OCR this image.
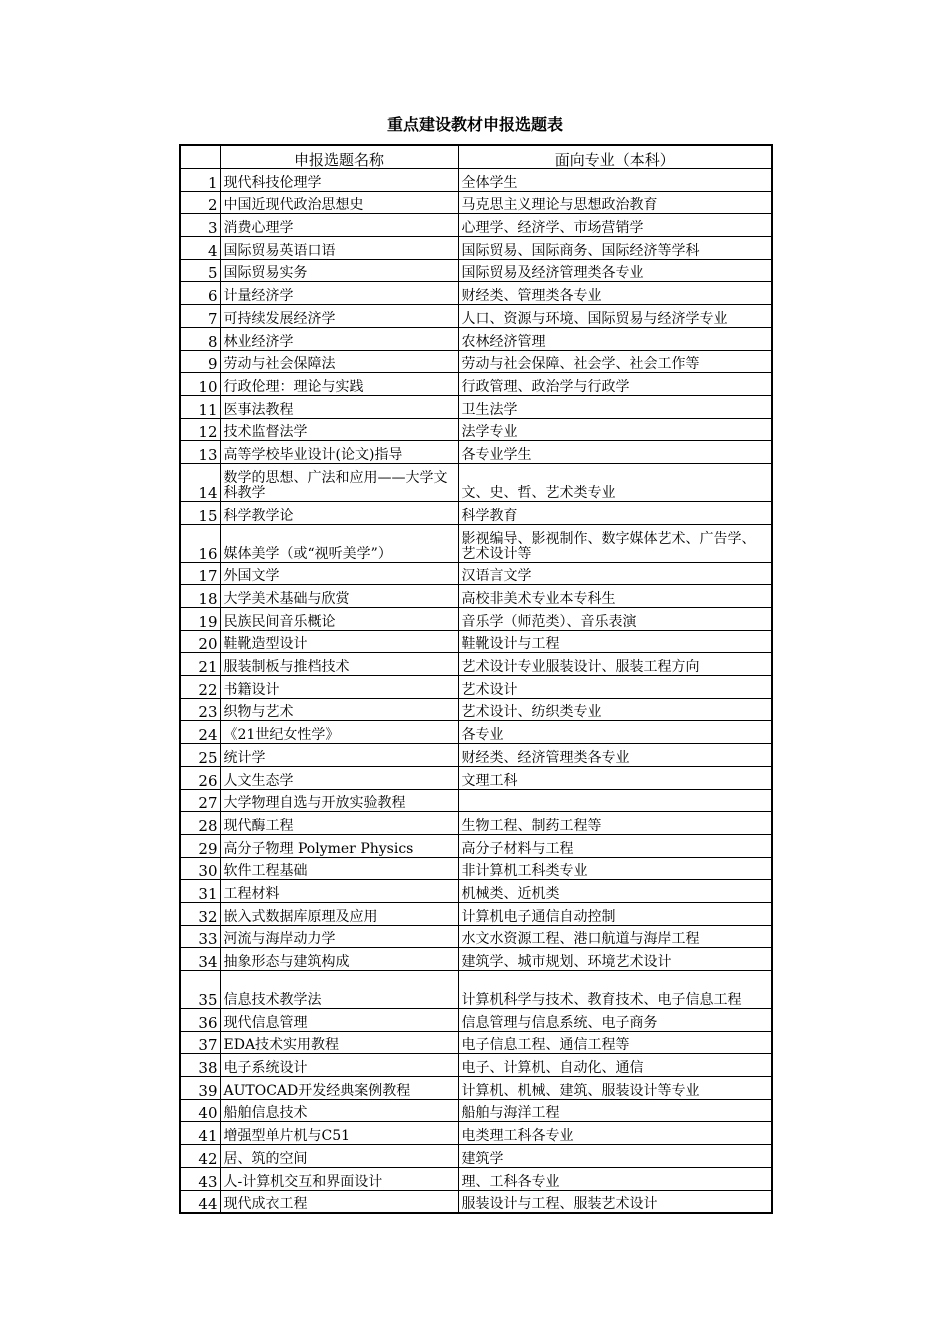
重点建设教材申报选题表
	申报选题名称	面向专业（本科）
1	现代科技伦理学	全体学生
2	中国近现代政治思想史	马克思主义理论与思想政治教育
3	消费心理学	心理学、经济学、市场营销学
4	国际贸易英语口语	国际贸易、国际商务、国际经济等学科
5	国际贸易实务	国际贸易及经济管理类各专业
6	计量经济学	财经类、管理类各专业
7	可持续发展经济学	人口、资源与环境、国际贸易与经济学专业
8	林业经济学	农林经济管理
9	劳动与社会保障法	劳动与社会保障、社会学、社会工作等
10	行政伦理：理论与实践	行政管理、政治学与行政学
11	医事法教程	卫生法学
12	技术监督法学	法学专业
13	高等学校毕业设计(论文)指导	各专业学生
14	数学的思想、广法和应用——大学文科教学	文、史、哲、艺术类专业
15	科学教学论	科学教育
16	媒体美学（或“视听美学”）	影视编导、影视制作、数字媒体艺术、广告学、艺术设计等
17	外国文学	汉语言文学
18	大学美术基础与欣赏	高校非美术专业本专科生
19	民族民间音乐概论	音乐学（师范类）、音乐表演
20	鞋靴造型设计	鞋靴设计与工程
21	服装制板与推档技术	艺术设计专业服装设计、服装工程方向
22	书籍设计	艺术设计
23	织物与艺术	艺术设计、纺织类专业
24	《21世纪女性学》	各专业
25	统计学	财经类、经济管理类各专业
26	人文生态学	文理工科
27	大学物理自选与开放实验教程	
28	现代酶工程	生物工程、制药工程等
29	高分子物理 Polymer Physics	高分子材料与工程
30	软件工程基础	非计算机工科类专业
31	工程材料	机械类、近机类
32	嵌入式数据库原理及应用	计算机电子通信自动控制
33	河流与海岸动力学	水文水资源工程、港口航道与海岸工程
34	抽象形态与建筑构成	建筑学、城市规划、环境艺术设计
35	信息技术教学法	计算机科学与技术、教育技术、电子信息工程
36	现代信息管理	信息管理与信息系统、电子商务
37	EDA技术实用教程	电子信息工程、通信工程等
38	电子系统设计	电子、计算机、自动化、通信
39	AUTOCAD开发经典案例教程	计算机、机械、建筑、服装设计等专业
40	船舶信息技术	船舶与海洋工程
41	增强型单片机与C51	电类理工科各专业
42	居、筑的空间	建筑学
43	人-计算机交互和界面设计	理、工科各专业
44	现代成衣工程	服装设计与工程、服装艺术设计
